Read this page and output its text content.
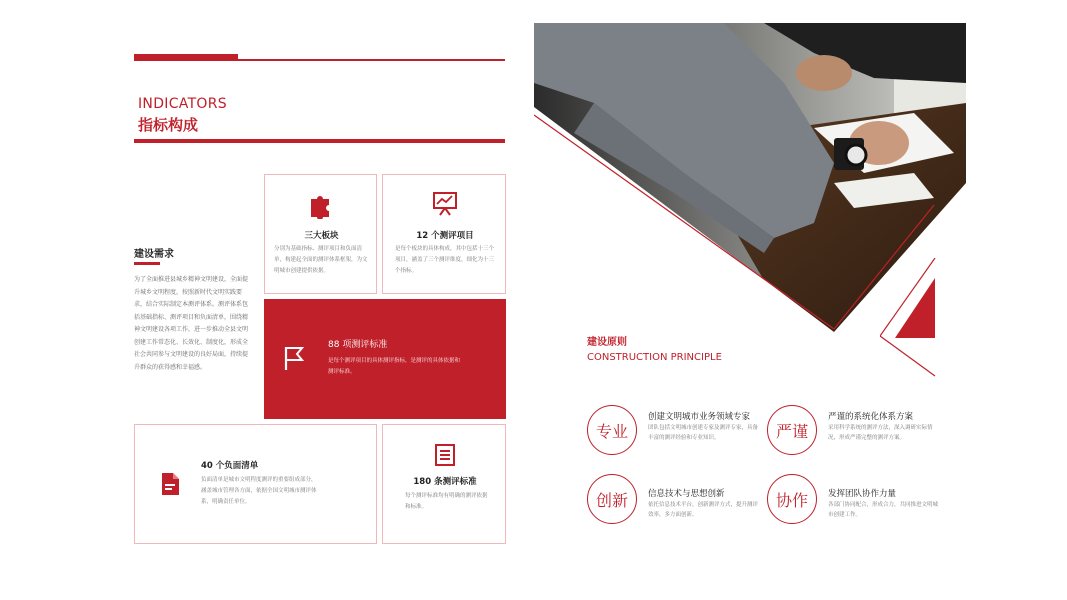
INDICATORS
指标构成
建设需求
为了全面推进县城乡精神文明建设，全面提升城乡文明程度，按照新时代文明实践要求，结合实际制定本测评体系。测评体系包括基础指标、测评项目和负面清单，围绕精神文明建设各项工作，进一步推动全县文明创建工作常态化、长效化、制度化，形成全社会共同参与文明建设的良好局面，持续提升群众的获得感和幸福感。
三大板块
分别为基础指标、测评项目和负面清单，构建起全面的测评体系框架，为文明城市创建提供依据。
12 个测评项目
是每个板块的具体构成，其中包括十三个项目，涵盖了三个测评维度，细化为十三个指标。
88 项测评标准
是每个测评项目的具体测评指标，是测评的具体依据和测评标准。
40 个负面清单
负面清单是城市文明程度测评的重要组成部分，涵盖城市管理各方面，依据全国文明城市测评体系，明确责任单位。
180 条测评标准
每个测评标准均有明确的测评依据和标准。
建设原则
CONSTRUCTION PRINCIPLE
专业
创建文明城市业务领域专家
团队包括文明城市创建专家及测评专家，具备丰富的测评经验和专业知识。	严谨
严谨的系统化体系方案
采用科学系统的测评方法，深入调研实际情况，形成严谨完整的测评方案。
创新	信息技术与思想创新
依托信息技术平台，创新测评方式，提升测评效率，多方面创新。
协作	发挥团队协作力量
各部门协同配合，形成合力，共同推进文明城市创建工作。
